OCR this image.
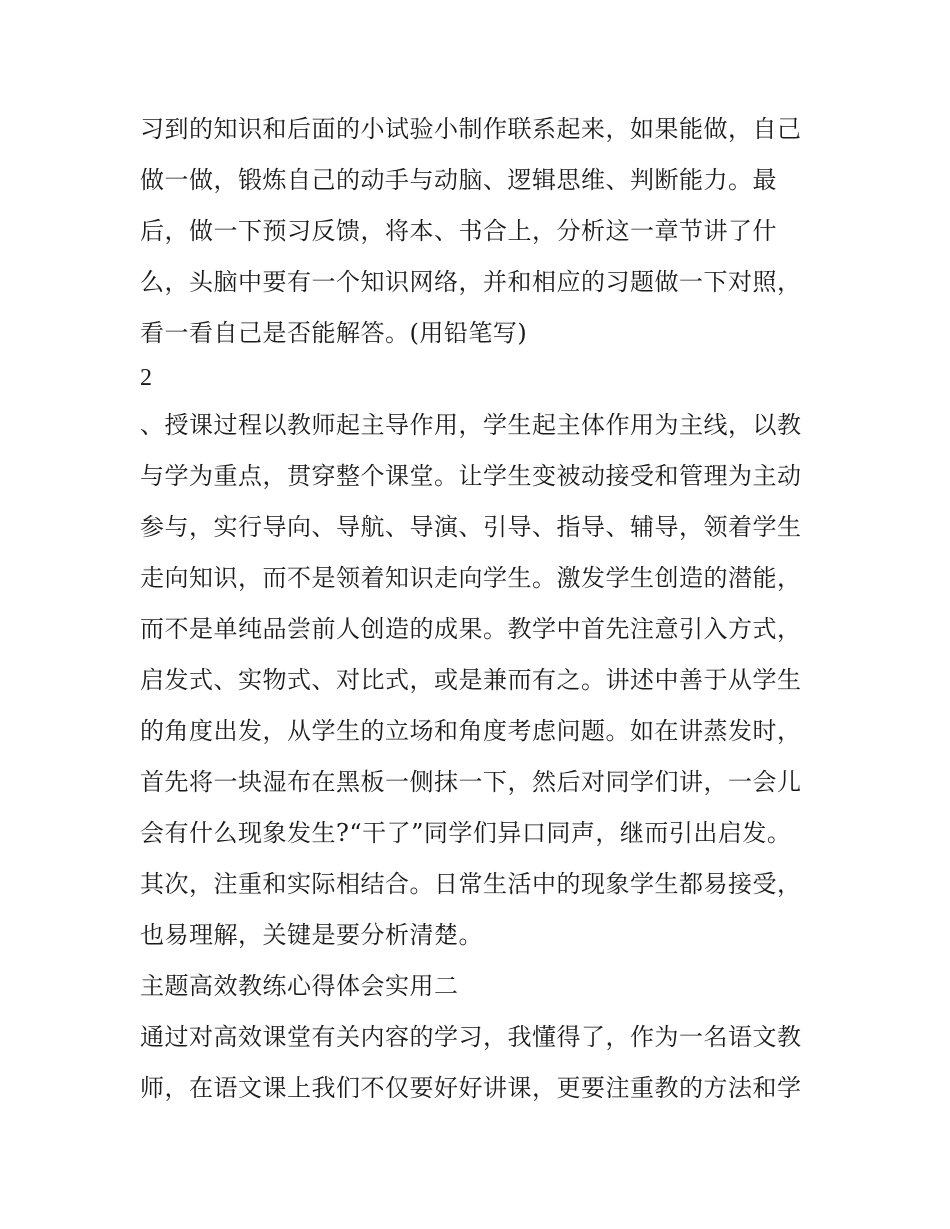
习到的知识和后面的小试验小制作联系起来，如果能做，自己
做一做，锻炼自己的动手与动脑、逻辑思维、判断能力。最
后，做一下预习反馈，将本、书合上，分析这一章节讲了什
么，头脑中要有一个知识网络，并和相应的习题做一下对照，
看一看自己是否能解答。(用铅笔写)
2
、授课过程以教师起主导作用，学生起主体作用为主线，以教
与学为重点，贯穿整个课堂。让学生变被动接受和管理为主动
参与，实行导向、导航、导演、引导、指导、辅导，领着学生
走向知识，而不是领着知识走向学生。激发学生创造的潜能，
而不是单纯品尝前人创造的成果。教学中首先注意引入方式，
启发式、实物式、对比式，或是兼而有之。讲述中善于从学生
的角度出发，从学生的立场和角度考虑问题。如在讲蒸发时，
首先将一块湿布在黑板一侧抹一下，然后对同学们讲，一会儿
会有什么现象发生?“干了”同学们异口同声，继而引出启发。
其次，注重和实际相结合。日常生活中的现象学生都易接受，
也易理解，关键是要分析清楚。
主题高效教练心得体会实用二
通过对高效课堂有关内容的学习，我懂得了，作为一名语文教
师，在语文课上我们不仅要好好讲课，更要注重教的方法和学
